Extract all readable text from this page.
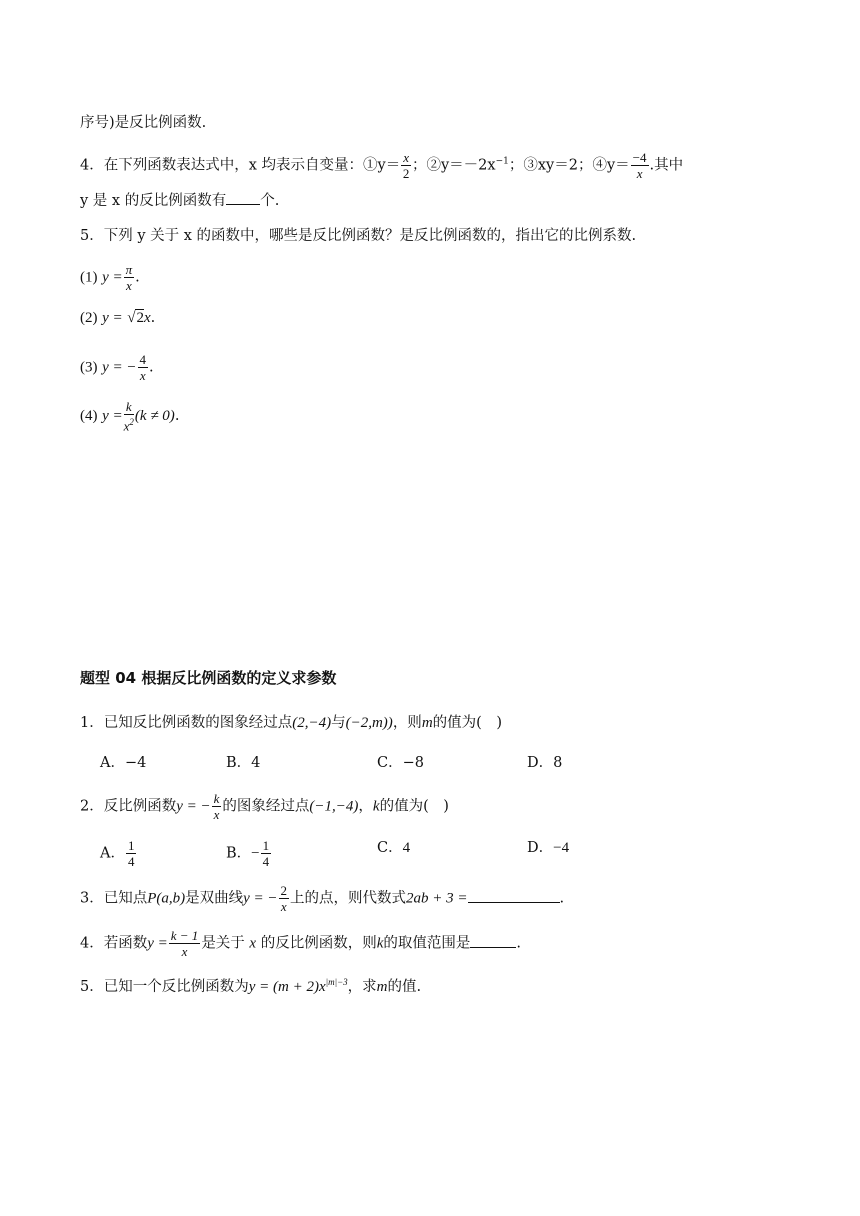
序号)是反比例函数.
4．在下列函数表达式中，x 均表示自变量：①y＝ $\frac{x}{2}$ ；$②y=-2x^{-1}$；③xy＝2；④y＝ $\frac{-4}{x}$ .其中
y 是 x 的反比例函数有 个.
5．下列 y 关于 x 的函数中，哪些是反比例函数？是反比例函数的，指出它的比例系数.
(1) $y = \frac{\pi}{x}$ .
(2) y = √2x.
(3) y = − $\frac{4}{x}$ .
(4) $y = \frac{k}{x^2} (k \ne 0)$.
题型 04 根据反比例函数的定义求参数
1．已知反比例函数的图象经过点(2,−4)与(−2,m))，则m的值为(　)
A．−4	B．4	C．−8	D．8
2．反比例函数y = − $\frac{k}{x}$ 的图象经过点(−1,−4)，k的值为(　)
A． $\frac{1}{4}$	B．− $\frac{1}{4}$	C．4	D．−4
3．已知点P(a,b)是双曲线y = − $\frac{2}{x}$ 上的点，则代数式2ab + 3 =	.
4．若函数$y = \frac{k - 1}{x}$ 是关于 x 的反比例函数，则k的取值范围是	.
5．已知一个反比例函数为$y = (m + 2)x^{|m|-3}$，求m的值.
